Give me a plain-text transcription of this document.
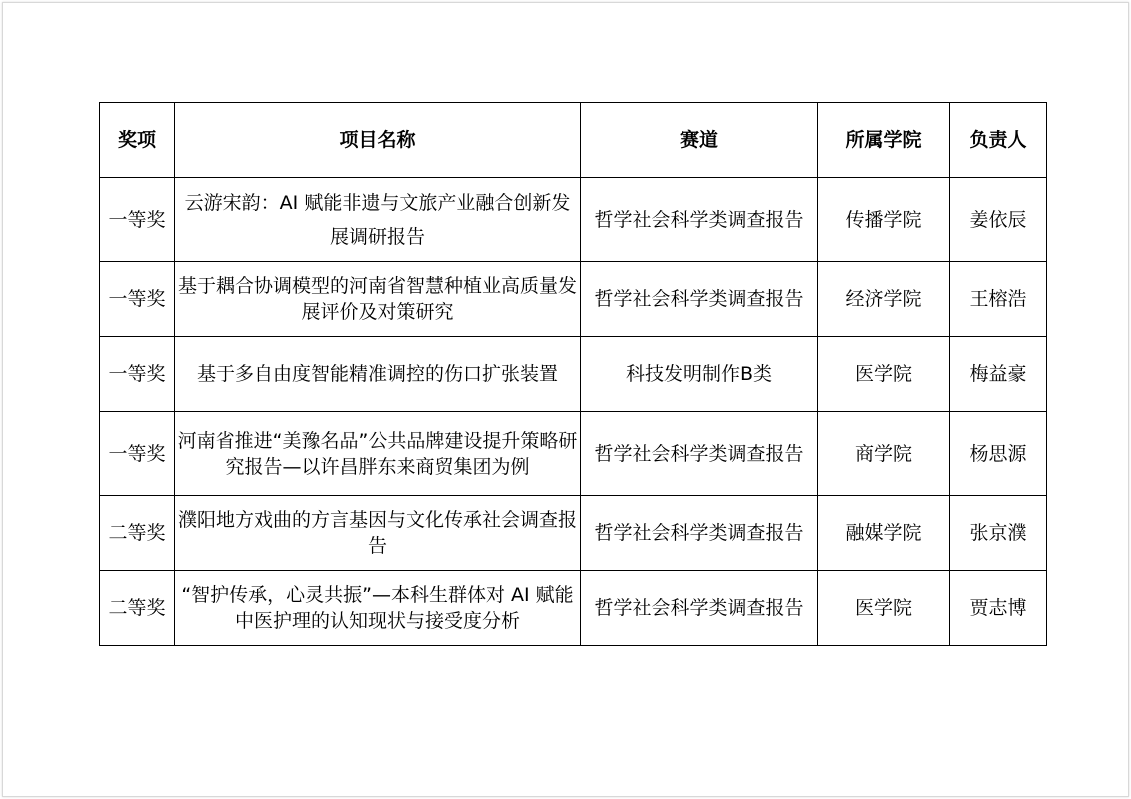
奖项	项目名称	赛道	所属学院	负责人
一等奖	云游宋韵：AI 赋能非遗与文旅产业融合创新发展调研报告	哲学社会科学类调查报告	传播学院	姜依辰
一等奖	基于耦合协调模型的河南省智慧种植业高质量发展评价及对策研究	哲学社会科学类调查报告	经济学院	王榕浩
一等奖	基于多自由度智能精准调控的伤口扩张装置	科技发明制作B类	医学院	梅益豪
一等奖	河南省推进“美豫名品”公共品牌建设提升策略研究报告—以许昌胖东来商贸集团为例	哲学社会科学类调查报告	商学院	杨思源
二等奖	濮阳地方戏曲的方言基因与文化传承社会调查报告	哲学社会科学类调查报告	融媒学院	张京濮
二等奖	“智护传承，心灵共振”—本科生群体对 AI 赋能中医护理的认知现状与接受度分析	哲学社会科学类调查报告	医学院	贾志博
